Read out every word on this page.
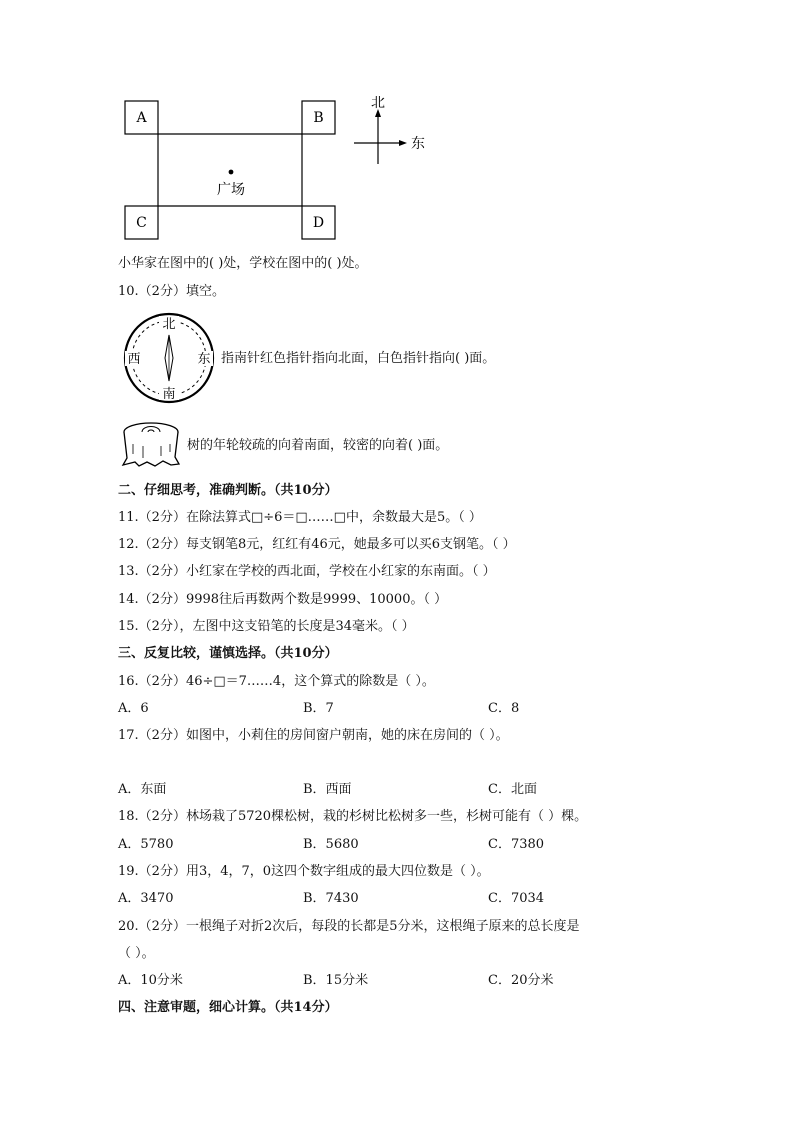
A	B
C	D
广场
北
东
小华家在图中的( )处，学校在图中的( )处。
10.（2分）填空。
北
南
西	东 指南针红色指针指向北面，白色指针指向( )面。
树的年轮较疏的向着南面，较密的向着( )面。
二、仔细思考，准确判断。（共10分）
11.（2分）在除法算式□÷6＝□……□中，余数最大是5。（ ）
12.（2分）每支钢笔8元，红红有46元，她最多可以买6支钢笔。（ ）
13.（2分）小红家在学校的西北面，学校在小红家的东南面。（ ）
14.（2分）9998往后再数两个数是9999、10000。（ ）
15.（2分），左图中这支铅笔的长度是34毫米。（ ）
三、反复比较，谨慎选择。（共10分）
16.（2分）46÷□＝7……4，这个算式的除数是（ ）。
A．6	B．7	C．8
17.（2分）如图中，小莉住的房间窗户朝南，她的床在房间的（ ）。
A．东面	B．西面	C．北面
18.（2分）林场栽了5720棵松树，栽的杉树比松树多一些，杉树可能有（ ）棵。
A．5780	B．5680	C．7380
19.（2分）用3，4，7，0这四个数字组成的最大四位数是（ ）。
A．3470	B．7430	C．7034
20.（2分）一根绳子对折2次后，每段的长都是5分米，这根绳子原来的总长度是
（ ）。
A．10分米	B．15分米	C．20分米
四、注意审题，细心计算。（共14分）
